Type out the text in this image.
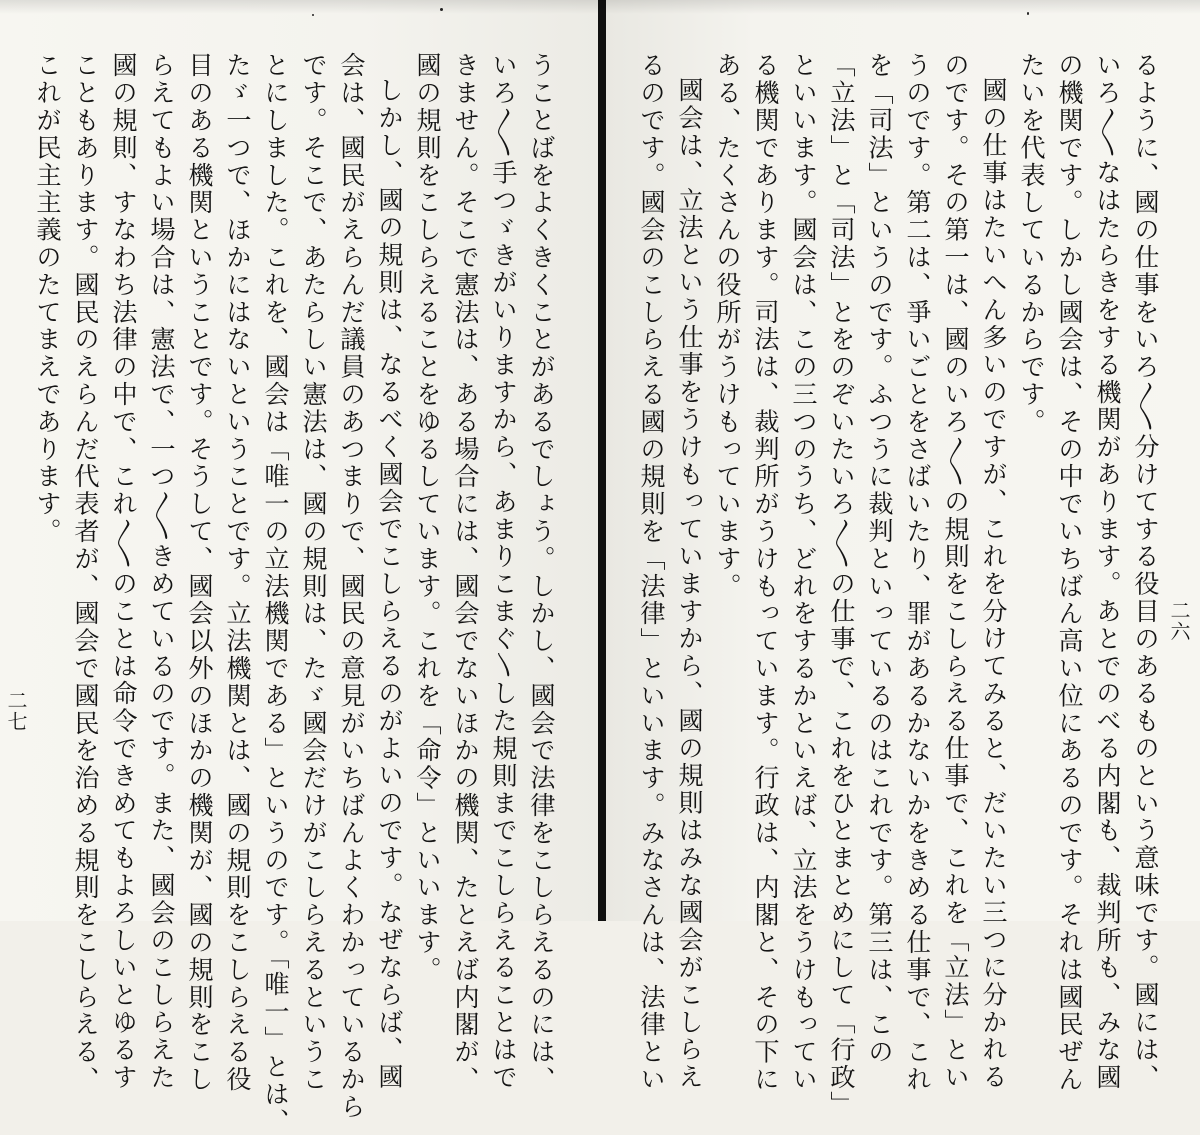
うことばをよくきくことがあるでしょう。しかし、國会で法律をこしらえるのには、
いろ〳〵手つゞきがいりますから、あまりこまぐ〵した規則までこしらえることはで
きません。そこで憲法は、ある場合には、國会でないほかの機関、たとえば内閣が、
國の規則をこしらえることをゆるしています。これを「命令」といいます。

しかし、國の規則は、なるべく國会でこしらえるのがよいのです。なぜならば、國
会は、國民がえらんだ議員のあつまりで、國民の意見がいちばんよくわかっているから
です。そこで、あたらしい憲法は、國の規則は、たゞ國会だけがこしらえるというこ
とにしました。これを、國会は「唯一の立法機関である」というのです。「唯一」とは、
たゞ一つで、ほかにはないということです。立法機関とは、國の規則をこしらえる役
目のある機関ということです。そうして、國会以外のほかの機関が、國の規則をこし
らえてもよい場合は、憲法で、一つ〳〵きめているのです。また、國会のこしらえた
國の規則、すなわち法律の中で、これ〳〵のことは命令できめてもよろしいとゆるす
こともあります。國民のえらんだ代表者が、國会で國民を治める規則をこしらえる、
これが民主主義のたてまえであります。

二七	るように、國の仕事をいろ〳〵分けてする役目のあるものという意味です。國には、
いろ〳〵なはたらきをする機関があります。あとでのべる内閣も、裁判所も、みな國
の機関です。しかし國会は、その中でいちばん高い位にあるのです。それは國民ぜん
たいを代表しているからです。

國の仕事はたいへん多いのですが、これを分けてみると、だいたい三つに分かれる
のです。その第一は、國のいろ〳〵の規則をこしらえる仕事で、これを「立法」とい
うのです。第二は、爭いごとをさばいたり、罪があるかないかをきめる仕事で、これ
を「司法」というのです。ふつうに裁判といっているのはこれです。第三は、この
「立法」と「司法」とをのぞいたいろ〳〵の仕事で、これをひとまとめにして「行政」
といいます。國会は、この三つのうち、どれをするかといえば、立法をうけもってい
る機関であります。司法は、裁判所がうけもっています。行政は、内閣と、その下に
ある、たくさんの役所がうけもっています。

國会は、立法という仕事をうけもっていますから、國の規則はみな國会がこしらえ
るのです。國会のこしらえる國の規則を「法律」といいます。みなさんは、法律とい	二六
